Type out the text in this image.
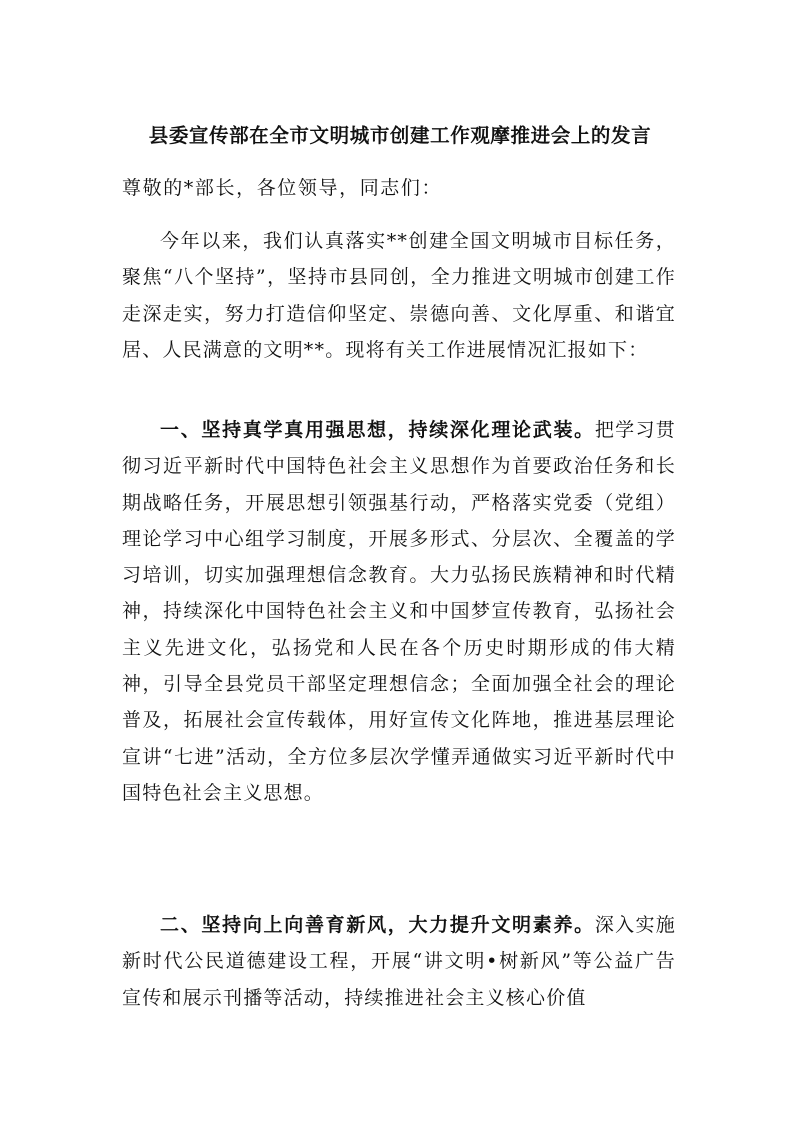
县委宣传部在全市文明城市创建工作观摩推进会上的发言
尊敬的*部长，各位领导，同志们：
今年以来，我们认真落实**创建全国文明城市目标任务，聚焦“八个坚持”，坚持市县同创，全力推进文明城市创建工作走深走实，努力打造信仰坚定、崇德向善、文化厚重、和谐宜居、人民满意的文明**。现将有关工作进展情况汇报如下：
一、坚持真学真用强思想，持续深化理论武装。把学习贯彻习近平新时代中国特色社会主义思想作为首要政治任务和长期战略任务，开展思想引领强基行动，严格落实党委（党组）理论学习中心组学习制度，开展多形式、分层次、全覆盖的学习培训，切实加强理想信念教育。大力弘扬民族精神和时代精神，持续深化中国特色社会主义和中国梦宣传教育，弘扬社会主义先进文化，弘扬党和人民在各个历史时期形成的伟大精神，引导全县党员干部坚定理想信念；全面加强全社会的理论普及，拓展社会宣传载体，用好宣传文化阵地，推进基层理论宣讲“七进”活动，全方位多层次学懂弄通做实习近平新时代中国特色社会主义思想。
二、坚持向上向善育新风，大力提升文明素养。深入实施新时代公民道德建设工程，开展“讲文明•树新风”等公益广告宣传和展示刊播等活动，持续推进社会主义核心价值
